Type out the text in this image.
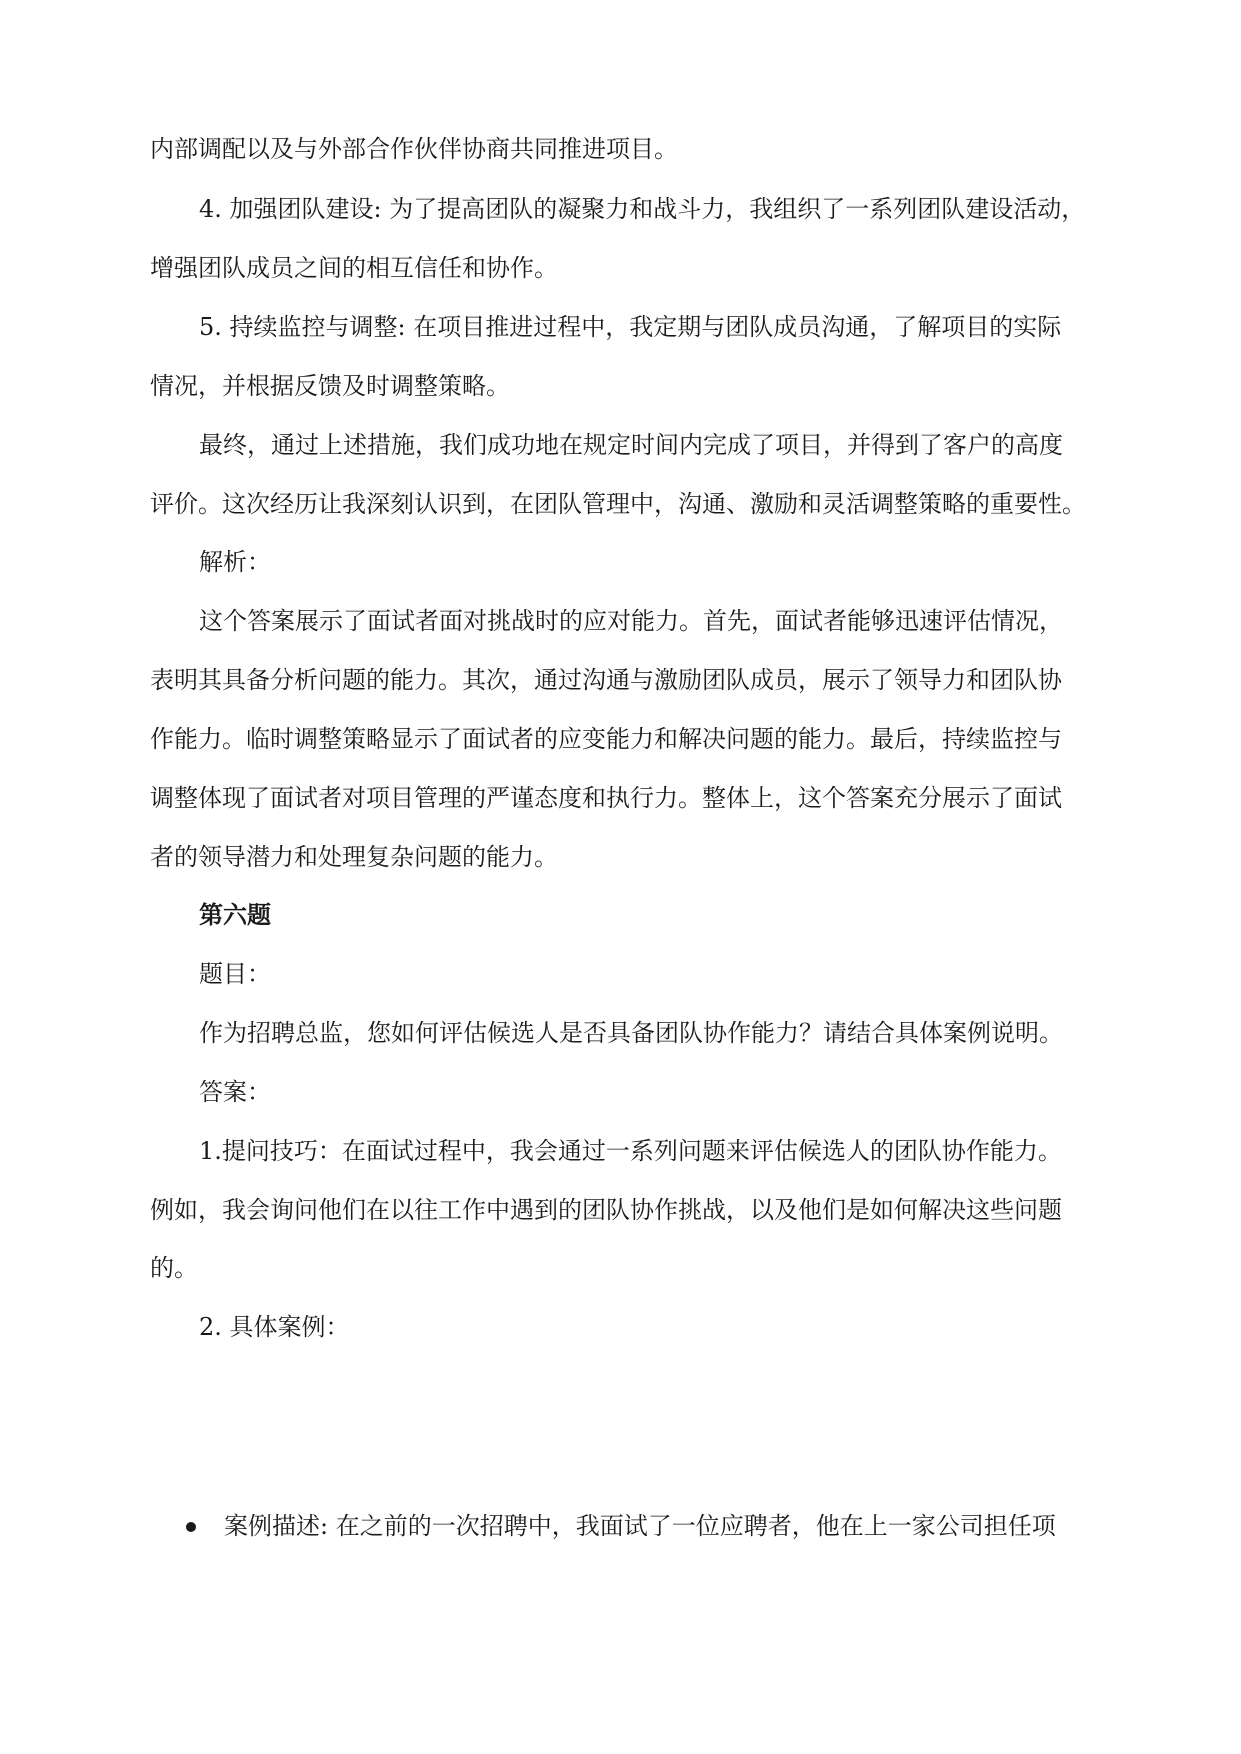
内部调配以及与外部合作伙伴协商共同推进项目。
4. 加强团队建设: 为了提高团队的凝聚力和战斗力，我组织了一系列团队建设活动，
增强团队成员之间的相互信任和协作。
5. 持续监控与调整: 在项目推进过程中，我定期与团队成员沟通，了解项目的实际
情况，并根据反馈及时调整策略。
最终，通过上述措施，我们成功地在规定时间内完成了项目，并得到了客户的高度
评价。这次经历让我深刻认识到，在团队管理中，沟通、激励和灵活调整策略的重要性。
解析：
这个答案展示了面试者面对挑战时的应对能力。首先，面试者能够迅速评估情况，
表明其具备分析问题的能力。其次，通过沟通与激励团队成员，展示了领导力和团队协
作能力。临时调整策略显示了面试者的应变能力和解决问题的能力。最后，持续监控与
调整体现了面试者对项目管理的严谨态度和执行力。整体上，这个答案充分展示了面试
者的领导潜力和处理复杂问题的能力。
第六题
题目：
作为招聘总监，您如何评估候选人是否具备团队协作能力？请结合具体案例说明。
答案：
1.提问技巧：在面试过程中，我会通过一系列问题来评估候选人的团队协作能力。
例如，我会询问他们在以往工作中遇到的团队协作挑战，以及他们是如何解决这些问题
的。
2. 具体案例：
案例描述: 在之前的一次招聘中，我面试了一位应聘者，他在上一家公司担任项
